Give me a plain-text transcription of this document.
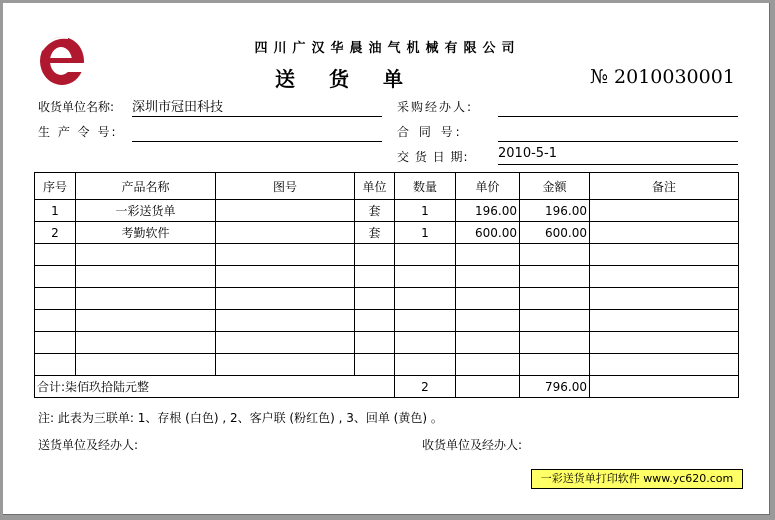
四川广汉华晨油气机械有限公司
送货单	№ 2010030001
收货单位名称: 深圳市冠田科技
生 产 令 号:
采购经办人:
合 同 号:
交 货 日 期: 2010-5-1
序号	产品名称	图号	单位	数量	单价	金额	备注
1	一彩送货单		套	1	196.00	196.00	
2	考勤软件		套	1	600.00	600.00	

合计:柒佰玖拾陆元整				2		796.00	
注: 此表为三联单: 1、存根 (白色) , 2、客户联 (粉红色) , 3、回单 (黄色) 。
送货单位及经办人:	收货单位及经办人:
一彩送货单打印软件 www.yc620.com
